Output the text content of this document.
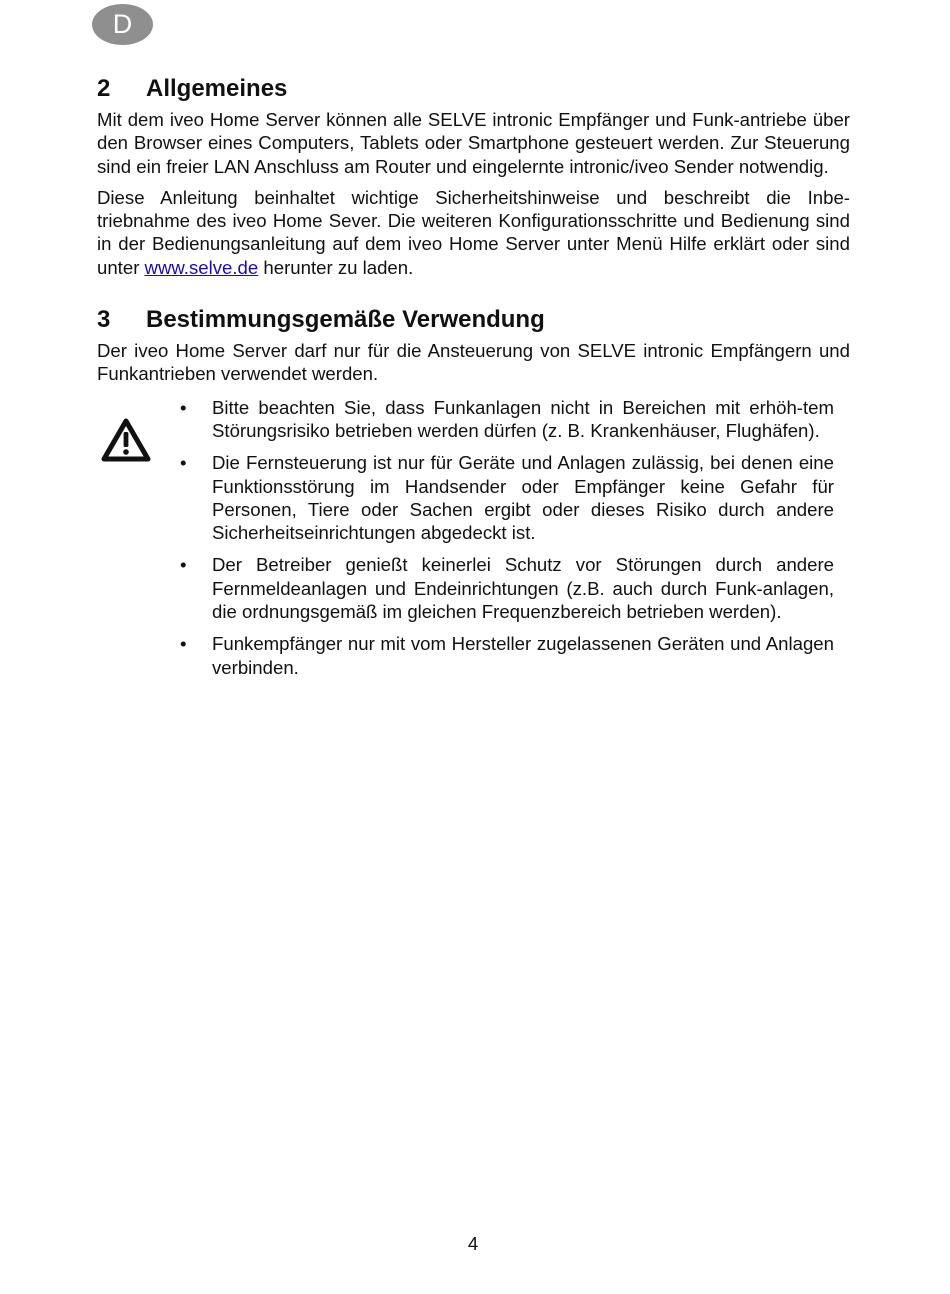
D
2	Allgemeines

Mit dem iveo Home Server können alle SELVE intronic Empfänger und Funk-antriebe über den Browser eines Computers, Tablets oder Smartphone gesteuert werden. Zur Steuerung sind ein freier LAN Anschluss am Router und eingelernte intronic/iveo Sender notwendig.

Diese Anleitung beinhaltet wichtige Sicherheitshinweise und beschreibt die Inbe-triebnahme des iveo Home Sever. Die weiteren Konfigurationsschritte und Bedienung sind in der Bedienungsanleitung auf dem iveo Home Server unter Menü Hilfe erklärt oder sind unter www.selve.de herunter zu laden.

3	Bestimmungsgemäße Verwendung

Der iveo Home Server darf nur für die Ansteuerung von SELVE intronic Empfängern und Funkantrieben verwendet werden.

• Bitte beachten Sie, dass Funkanlagen nicht in Bereichen mit erhöh-tem Störungsrisiko betrieben werden dürfen (z. B. Krankenhäuser, Flughäfen).
• Die Fernsteuerung ist nur für Geräte und Anlagen zulässig, bei denen eine Funktionsstörung im Handsender oder Empfänger keine Gefahr für Personen, Tiere oder Sachen ergibt oder dieses Risiko durch andere Sicherheitseinrichtungen abgedeckt ist.
• Der Betreiber genießt keinerlei Schutz vor Störungen durch andere Fernmeldeanlagen und Endeinrichtungen (z.B. auch durch Funk-anlagen, die ordnungsgemäß im gleichen Frequenzbereich betrieben werden).
• Funkempfänger nur mit vom Hersteller zugelassenen Geräten und Anlagen verbinden.
4
